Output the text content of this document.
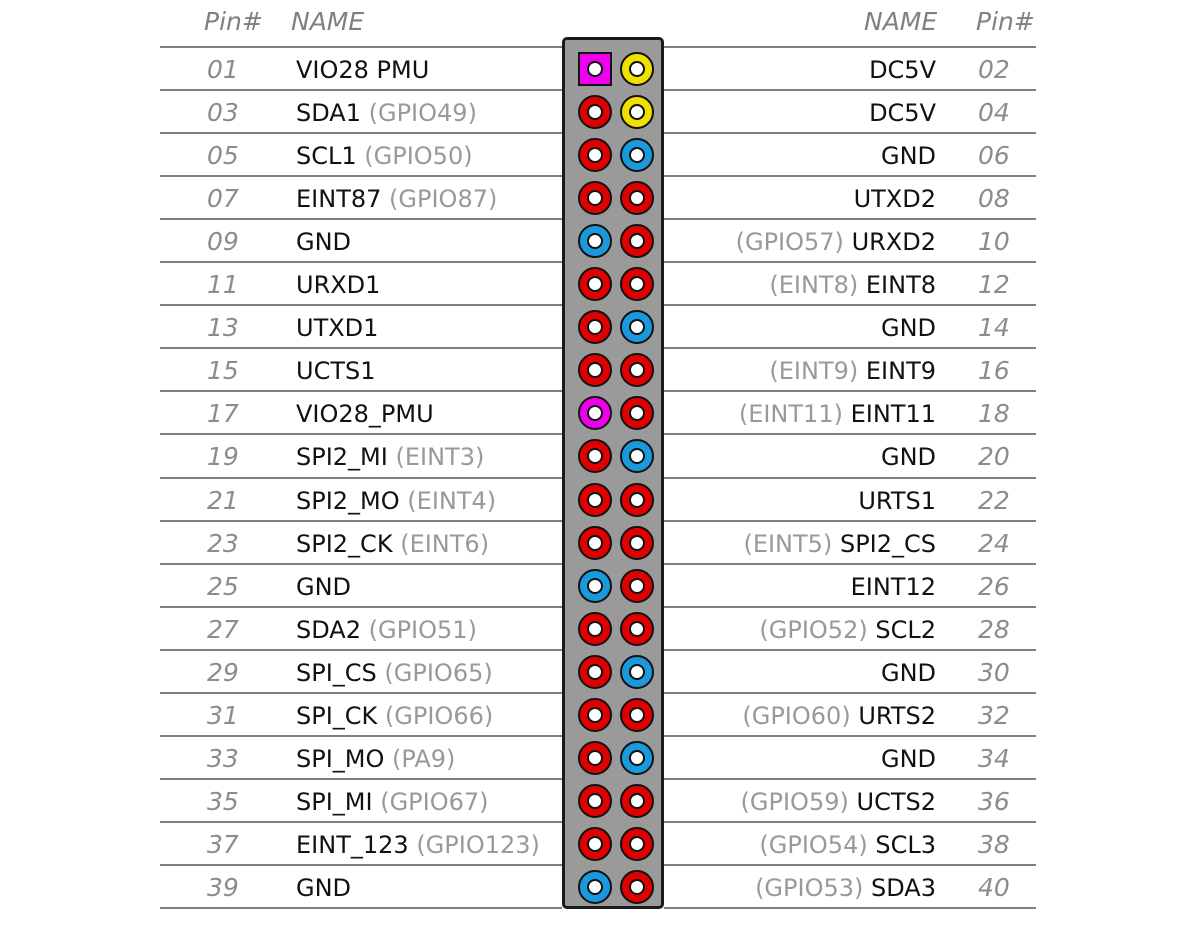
Pin# NAME	NAME Pin#
01 VIO28 PMU	DC5V 02
03 SDA1 (GPIO49)	DC5V 04
05 SCL1 (GPIO50)	GND 06
07 EINT87 (GPIO87)	UTXD2 08
09 GND	(GPIO57) URXD2 10
11 URXD1	(EINT8) EINT8 12
13 UTXD1	GND 14
15 UCTS1	(EINT9) EINT9 16
17 VIO28_PMU	(EINT11) EINT11 18
19 SPI2_MI (EINT3)	GND 20
21 SPI2_MO (EINT4)	URTS1 22
23 SPI2_CK (EINT6)	(EINT5) SPI2_CS 24
25 GND	EINT12 26
27 SDA2 (GPIO51)	(GPIO52) SCL2 28
29 SPI_CS (GPIO65)	GND 30
31 SPI_CK (GPIO66)	(GPIO60) URTS2 32
33 SPI_MO (PA9)	GND 34
35 SPI_MI (GPIO67)	(GPIO59) UCTS2 36
37 EINT_123 (GPIO123)	(GPIO54) SCL3 38
39 GND	(GPIO53) SDA3 40
